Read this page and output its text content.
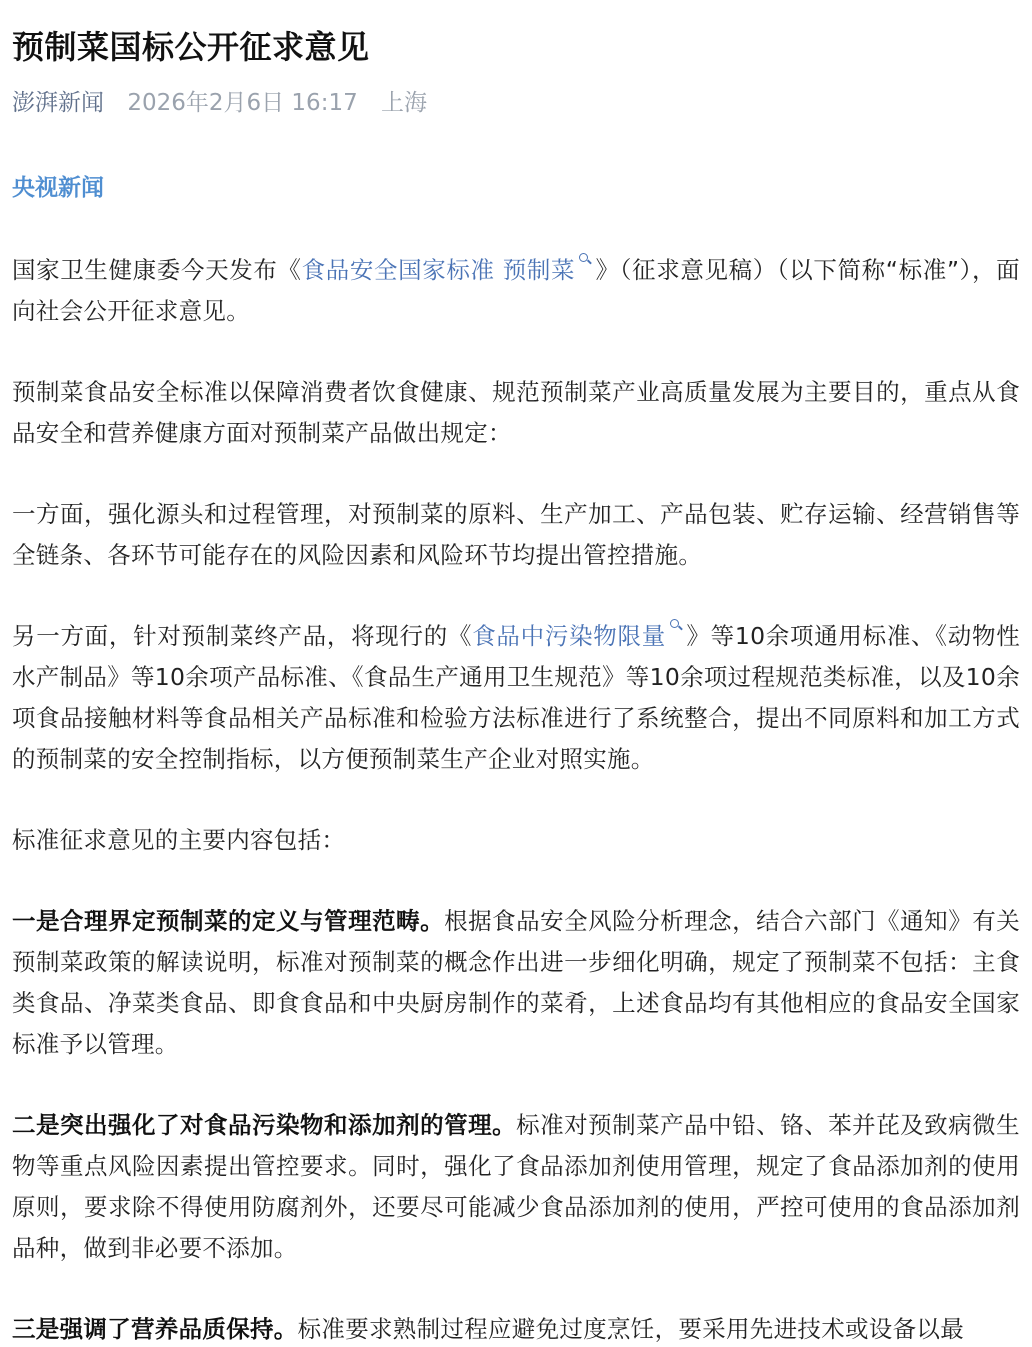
预制菜国标公开征求意见
澎湃新闻 2026年2月6日 16:17 上海
央视新闻

国家卫生健康委今天发布《食品安全国家标准 预制菜 》（征求意见稿）（以下简称“标准”），面向社会公开征求意见。

预制菜食品安全标准以保障消费者饮食健康、规范预制菜产业高质量发展为主要目的，重点从食品安全和营养健康方面对预制菜产品做出规定：

一方面，强化源头和过程管理，对预制菜的原料、生产加工、产品包装、贮存运输、经营销售等全链条、各环节可能存在的风险因素和风险环节均提出管控措施。

另一方面，针对预制菜终产品，将现行的《食品中污染物限量 》等10余项通用标准、《动物性水产制品》等10余项产品标准、《食品生产通用卫生规范》等10余项过程规范类标准，以及10余项食品接触材料等食品相关产品标准和检验方法标准进行了系统整合，提出不同原料和加工方式的预制菜的安全控制指标，以方便预制菜生产企业对照实施。

标准征求意见的主要内容包括：

一是合理界定预制菜的定义与管理范畴。根据食品安全风险分析理念，结合六部门《通知》有关预制菜政策的解读说明，标准对预制菜的概念作出进一步细化明确，规定了预制菜不包括：主食类食品、净菜类食品、即食食品和中央厨房制作的菜肴，上述食品均有其他相应的食品安全国家标准予以管理。

二是突出强化了对食品污染物和添加剂的管理。标准对预制菜产品中铅、铬、苯并芘及致病微生物等重点风险因素提出管控要求。同时，强化了食品添加剂使用管理，规定了食品添加剂的使用原则，要求除不得使用防腐剂外，还要尽可能减少食品添加剂的使用，严控可使用的食品添加剂品种，做到非必要不添加。

三是强调了营养品质保持。标准要求熟制过程应避免过度烹饪，要采用先进技术或设备以最
